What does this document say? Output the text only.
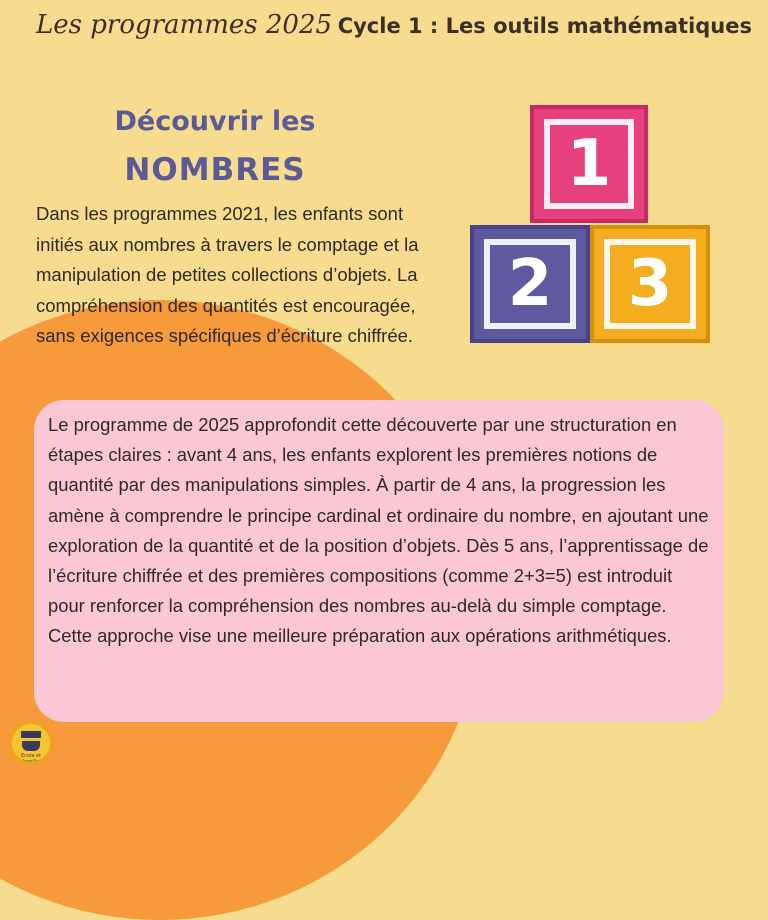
Les programmes 2025 Cycle 1 : Les outils mathématiques
Découvrir les
NOMBRES
Dans les programmes 2021, les enfants sont initiés aux nombres à travers le comptage et la manipulation de petites collections d’objets. La compréhension des quantités est encouragée, sans exigences spécifiques d’écriture chiffrée.
1
2	3

Le programme de 2025 approfondit cette découverte par une structuration en étapes claires : avant 4 ans, les enfants explorent les premières notions de quantité par des manipulations simples. À partir de 4 ans, la progression les amène à comprendre le principe cardinal et ordinaire du nombre, en ajoutant une exploration de la quantité et de la position d’objets. Dès 5 ans, l’apprentissage de l’écriture chiffrée et des premières compositions (comme 2+3=5) est introduit pour renforcer la compréhension des nombres au-delà du simple comptage. Cette approche vise une meilleure préparation aux opérations arithmétiques.

Ecole et famille
